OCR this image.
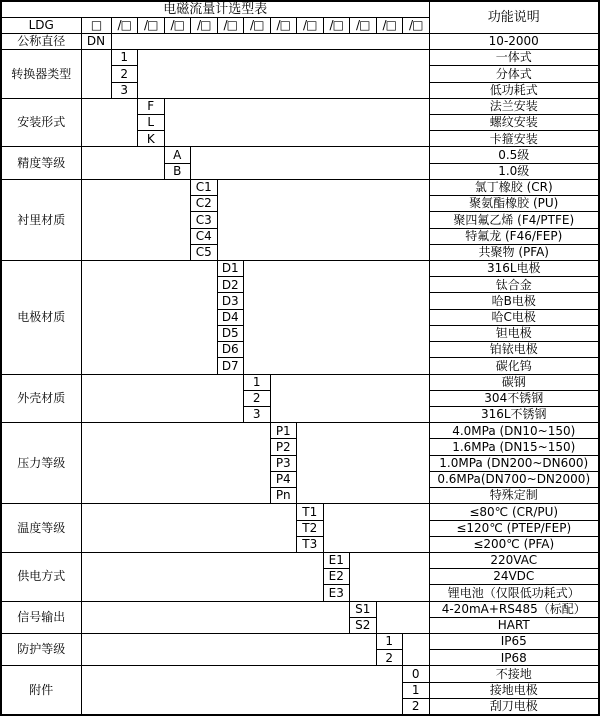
电磁流量计选型表														功能说明
LDG	□	/□	/□	/□	/□	/□	/□	/□	/□	/□	/□	/□	/□	
公称直径	DN													10-2000
转换器类型		1												一体式
		2												分体式
		3												低功耗式
安装形式			F											法兰安装
			L											螺纹安装
			K											卡箍安装
精度等级				A										0.5级
				B										1.0级
衬里材质					C1									氯丁橡胶 (CR)
					C2									聚氨酯橡胶 (PU)
					C3									聚四氟乙烯 (F4/PTFE)
					C4									特氟龙 (F46/FEP)
					C5									共聚物 (PFA)
电极材质						D1								316L电极
						D2								钛合金
						D3								哈B电极
						D4								哈C电极
						D5								钽电极
						D6								铂铱电极
						D7								碳化钨
外壳材质							1							碳钢
							2							304不锈钢
							3							316L不锈钢
压力等级								P1						4.0MPa (DN10~150)
								P2						1.6MPa (DN15~150)
								P3						1.0MPa (DN200~DN600)
								P4						0.6MPa(DN700~DN2000)
								Pn						特殊定制
温度等级									T1					≤80℃ (CR/PU)
									T2					≤120℃ (PTEP/FEP)
									T3					≤200℃ (PFA)
供电方式										E1				220VAC
										E2				24VDC
										E3				锂电池（仅限低功耗式）
信号输出											S1			4-20mA+RS485（标配）
											S2			HART
防护等级												1		IP65
												2		IP68
附件													0	不接地
													1	接地电极
													2	刮刀电极
